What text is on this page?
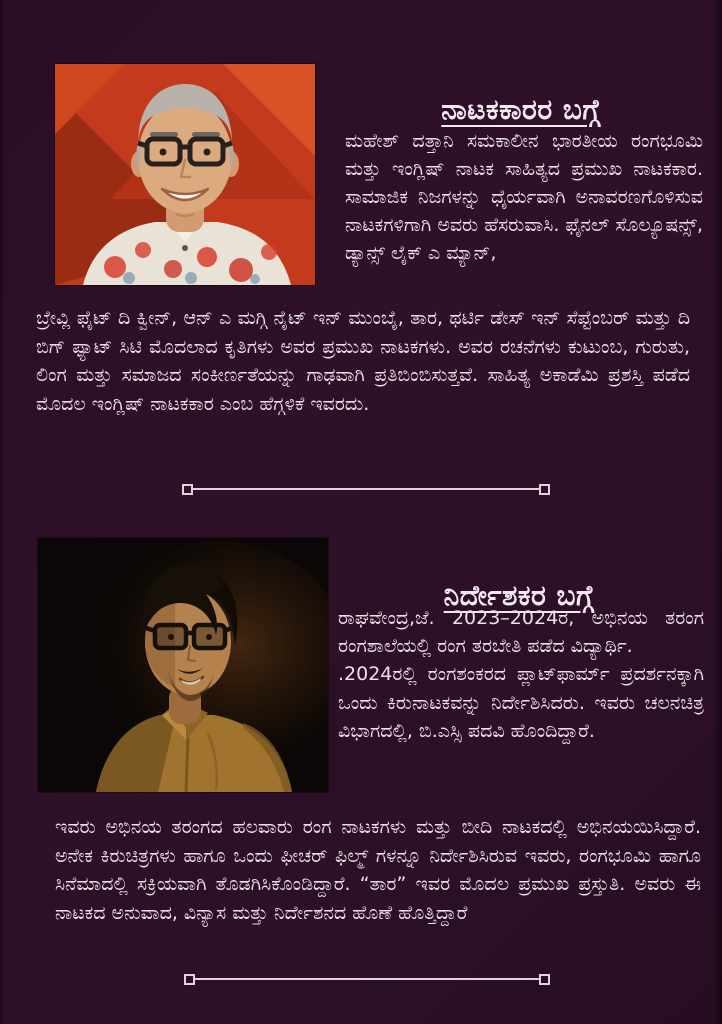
ನಾಟಕಕಾರರ ಬಗ್ಗೆ
ಮಹೇಶ್ ದತ್ತಾನಿ ಸಮಕಾಲೀನ ಭಾರತೀಯ ರಂಗಭೂಮಿ ಮತ್ತು ಇಂಗ್ಲಿಷ್ ನಾಟಕ ಸಾಹಿತ್ಯದ ಪ್ರಮುಖ ನಾಟಕಕಾರ. ಸಾಮಾಜಿಕ ನಿಜಗಳನ್ನು ಧೈರ್ಯವಾಗಿ ಅನಾವರಣಗೊಳಿಸುವ ನಾಟಕಗಳಿಗಾಗಿ ಅವರು ಹೆಸರುವಾಸಿ. ಫೈನಲ್ ಸೊಲ್ಯೂಷನ್ಸ್, ಡ್ಯಾನ್ಸ್ ಲೈಕ್ ಎ ಮ್ಯಾನ್,
ಬ್ರೇವ್ಲಿ ಫೈಟ್ ದಿ ಕ್ವೀನ್, ಆನ್ ಎ ಮಗ್ಗಿ ನೈಟ್ ಇನ್ ಮುಂಬೈ, ತಾರ, ಥರ್ಟಿ ಡೇಸ್ ಇನ್ ಸೆಪ್ಟೆಂಬರ್ ಮತ್ತು ದಿ ಬಿಗ್ ಫ್ಯಾಟ್ ಸಿಟಿ ಮೊದಲಾದ ಕೃತಿಗಳು ಅವರ ಪ್ರಮುಖ ನಾಟಕಗಳು. ಅವರ ರಚನೆಗಳು ಕುಟುಂಬ, ಗುರುತು, ಲಿಂಗ ಮತ್ತು ಸಮಾಜದ ಸಂಕೀರ್ಣತೆಯನ್ನು ಗಾಢವಾಗಿ ಪ್ರತಿಬಿಂಬಿಸುತ್ತವೆ. ಸಾಹಿತ್ಯ ಅಕಾಡೆಮಿ ಪ್ರಶಸ್ತಿ ಪಡೆದ ಮೊದಲ ಇಂಗ್ಲಿಷ್ ನಾಟಕಕಾರ ಎಂಬ ಹೆಗ್ಗಳಿಕೆ ಇವರದು.
ನಿರ್ದೇಶಕರ ಬಗ್ಗೆ

ರಾಘವೇಂದ್ರ,ಜೆ. 2023–2024ರ, ಅಭಿನಯ ತರಂಗ ರಂಗಶಾಲೆಯಲ್ಲಿ ರಂಗ ತರಬೇತಿ ಪಡೆದ ವಿದ್ಯಾರ್ಥಿ.

.2024ರಲ್ಲಿ ರಂಗಶಂಕರದ ಪ್ಲಾಟ್‌ಫಾರ್ಮ್ ಪ್ರದರ್ಶನಕ್ಕಾಗಿ ಒಂದು ಕಿರುನಾಟಕವನ್ನು ನಿರ್ದೇಶಿಸಿದರು. ಇವರು ಚಲನಚಿತ್ರ ವಿಭಾಗದಲ್ಲಿ, ಬಿ.ಎಸ್ಸಿ ಪದವಿ ಹೊಂದಿದ್ದಾರೆ.

ಇವರು ಅಭಿನಯ ತರಂಗದ ಹಲವಾರು ರಂಗ ನಾಟಕಗಳು ಮತ್ತು ಬೀದಿ ನಾಟಕದಲ್ಲಿ ಅಭಿನಯಯಿಸಿದ್ದಾರೆ. ಅನೇಕ ಕಿರುಚಿತ್ರಗಳು ಹಾಗೂ ಒಂದು ಫೀಚರ್ ಫಿಲ್ಮ್ ಗಳನ್ನೂ ನಿರ್ದೇಶಿಸಿರುವ ಇವರು, ರಂಗಭೂಮಿ ಹಾಗೂ ಸಿನೆಮಾದಲ್ಲಿ ಸಕ್ರಿಯವಾಗಿ ತೊಡಗಿಸಿಕೊಂಡಿದ್ದಾರೆ. “ತಾರ” ಇವರ ಮೊದಲ ಪ್ರಮುಖ ಪ್ರಸ್ತುತಿ. ಅವರು ಈ ನಾಟಕದ ಅನುವಾದ, ವಿನ್ಯಾಸ ಮತ್ತು ನಿರ್ದೇಶನದ ಹೊಣೆ ಹೊತ್ತಿದ್ದಾರೆ
